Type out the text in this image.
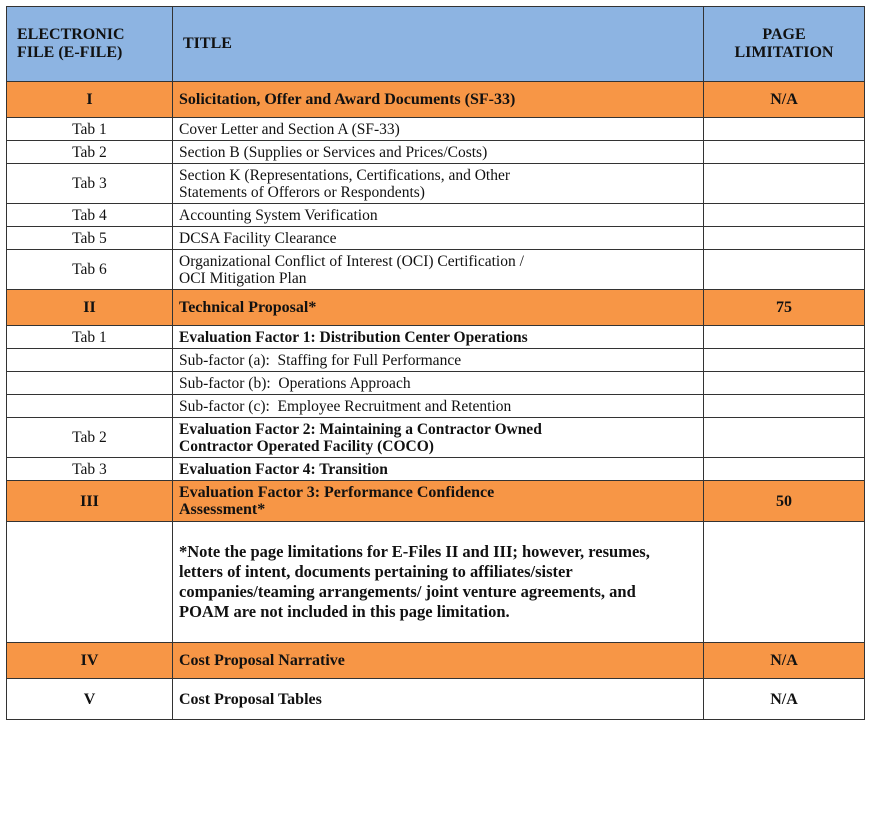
ELECTRONIC
FILE (E-FILE)	TITLE	PAGE
LIMITATION

I	Solicitation, Offer and Award Documents (SF-33)	N/A
Tab 1	Cover Letter and Section A (SF-33)	
Tab 2	Section B (Supplies or Services and Prices/Costs)	
Tab 3	Section K (Representations, Certifications, and Other
Statements of Offerors or Respondents)	

Tab 4	Accounting System Verification	
Tab 5	DCSA Facility Clearance	
Tab 6	Organizational Conflict of Interest (OCI) Certification /
OCI Mitigation Plan	

II	Technical Proposal*	75
Tab 1	Evaluation Factor 1: Distribution Center Operations	
	Sub-factor (a):  Staffing for Full Performance	
	Sub-factor (b):  Operations Approach	
	Sub-factor (c):  Employee Recruitment and Retention	
Tab 2	Evaluation Factor 2: Maintaining a Contractor Owned
Contractor Operated Facility (COCO)	

Tab 3	Evaluation Factor 4: Transition	
III	Evaluation Factor 3: Performance Confidence
Assessment*	50
	*Note the page limitations for E-Files II and III; however, resumes, letters of intent, documents pertaining to affiliates/sister companies/teaming arrangements/ joint venture agreements, and POAM are not included in this page limitation.	
IV	Cost Proposal Narrative	N/A
V	Cost Proposal Tables	N/A
